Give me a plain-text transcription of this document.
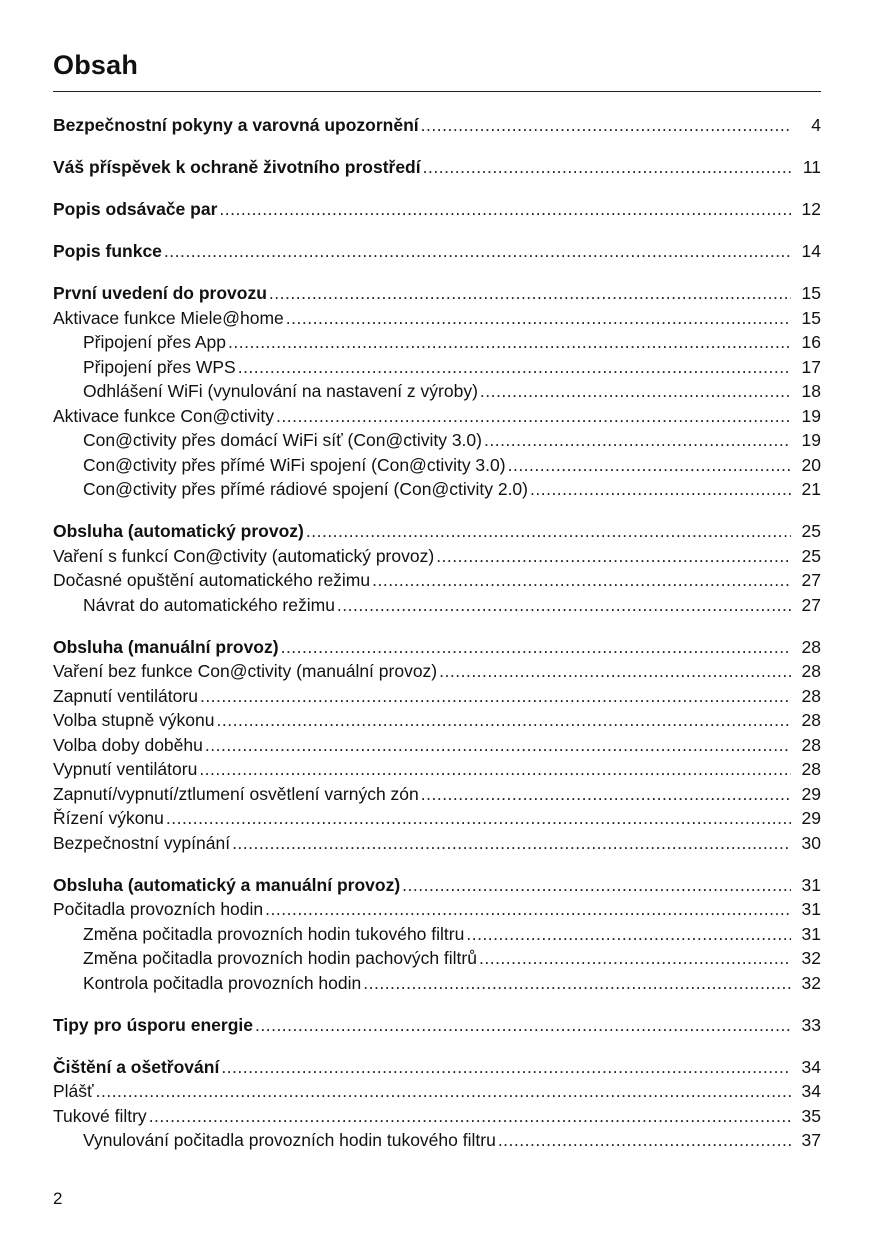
Obsah
Bezpečnostní pokyny a varovná upozornění .....	4
Váš příspěvek k ochraně životního prostředí .....	11
Popis odsávače par .....	12
Popis funkce .....	14
První uvedení do provozu .....	15
Aktivace funkce Miele@home .....	15
Připojení přes App .....	16
Připojení přes WPS .....	17
Odhlášení WiFi (vynulování na nastavení z výroby) .....	18
Aktivace funkce Con@ctivity .....	19
Con@ctivity přes domácí WiFi síť (Con@ctivity 3.0) .....	19
Con@ctivity přes přímé WiFi spojení (Con@ctivity 3.0) .....	20
Con@ctivity přes přímé rádiové spojení (Con@ctivity 2.0) .....	21
Obsluha (automatický provoz) .....	25
Vaření s funkcí Con@ctivity (automatický provoz) .....	25
Dočasné opuštění automatického režimu .....	27
Návrat do automatického režimu .....	27
Obsluha (manuální provoz) .....	28
Vaření bez funkce Con@ctivity (manuální provoz) .....	28
Zapnutí ventilátoru .....	28
Volba stupně výkonu .....	28
Volba doby doběhu .....	28
Vypnutí ventilátoru .....	28
Zapnutí/vypnutí/ztlumení osvětlení varných zón .....	29
Řízení výkonu .....	29
Bezpečnostní vypínání .....	30
Obsluha (automatický a manuální provoz) .....	31
Počitadla provozních hodin .....	31
Změna počitadla provozních hodin tukového filtru .....	31
Změna počitadla provozních hodin pachových filtrů .....	32
Kontrola počitadla provozních hodin .....	32
Tipy pro úsporu energie .....	33
Čištění a ošetřování .....	34
Plášť .....	34
Tukové filtry .....	35
Vynulování počitadla provozních hodin tukového filtru .....	37
2
